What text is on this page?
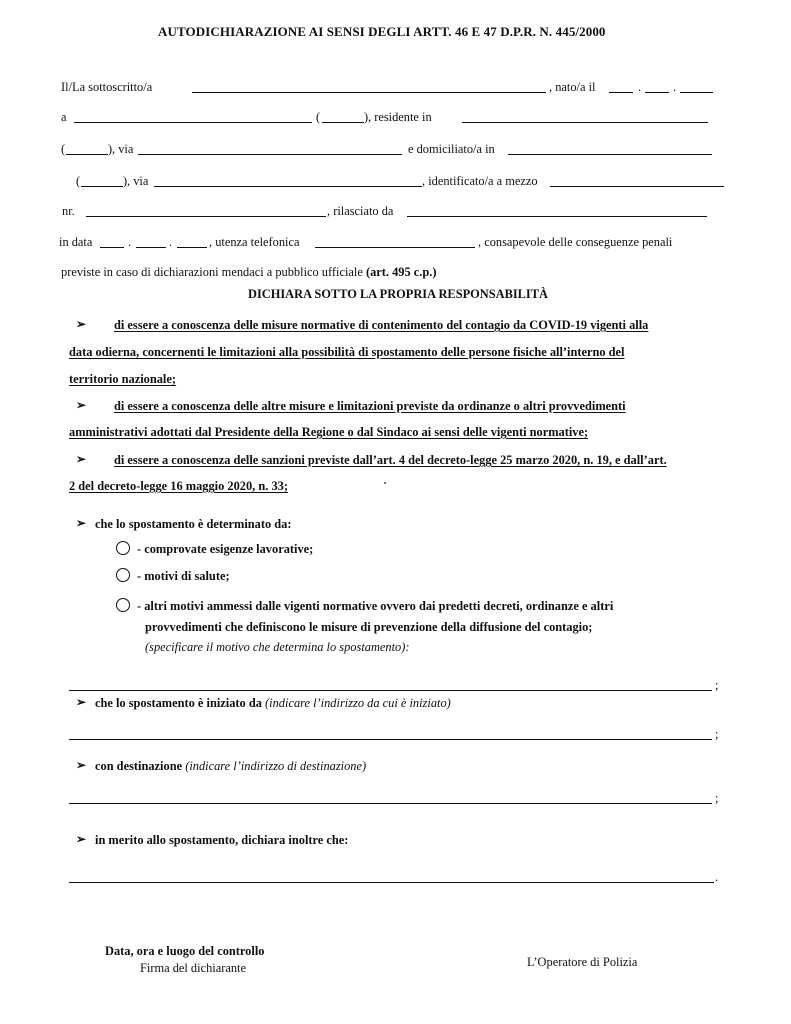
AUTODICHIARAZIONE AI SENSI DEGLI ARTT. 46 E 47 D.P.R. N. 445/2000
Il/La sottoscritto/a	, nato/a il	.	.
a	(	) , residente in
(	) , via	e domiciliato/a in
(	) , via	, identificato/a a mezzo
nr.	, rilasciato da
in data	.	.	, utenza telefonica	, consapevole delle conseguenze penali
previste in caso di dichiarazioni mendaci a pubblico ufficiale (art. 495 c.p.)
DICHIARA SOTTO LA PROPRIA RESPONSABILITÀ
➢ di essere a conoscenza delle misure normative di contenimento del contagio da COVID-19 vigenti alla
data odierna, concernenti le limitazioni alla possibilità di spostamento delle persone fisiche all’interno del
territorio nazionale;
➢ di essere a conoscenza delle altre misure e limitazioni previste da ordinanze o altri provvedimenti
amministrativi adottati dal Presidente della Regione o dal Sindaco ai sensi delle vigenti normative;
➢ di essere a conoscenza delle sanzioni previste dall’art. 4 del decreto-legge 25 marzo 2020, n. 19, e dall’art.
2 del decreto-legge 16 maggio 2020, n. 33;
➢ che lo spostamento è determinato da:
- comprovate esigenze lavorative;
- motivi di salute;
- altri motivi ammessi dalle vigenti normative ovvero dai predetti decreti, ordinanze e altri
provvedimenti che definiscono le misure di prevenzione della diffusione del contagio;
(specificare il motivo che determina lo spostamento):
;
➢ che lo spostamento è iniziato da (indicare l’indirizzo da cui è iniziato)
;
➢ con destinazione (indicare l’indirizzo di destinazione)
;
➢ in merito allo spostamento, dichiara inoltre che:
.
Data, ora e luogo del controllo
Firma del dichiarante	L’Operatore di Polizia
